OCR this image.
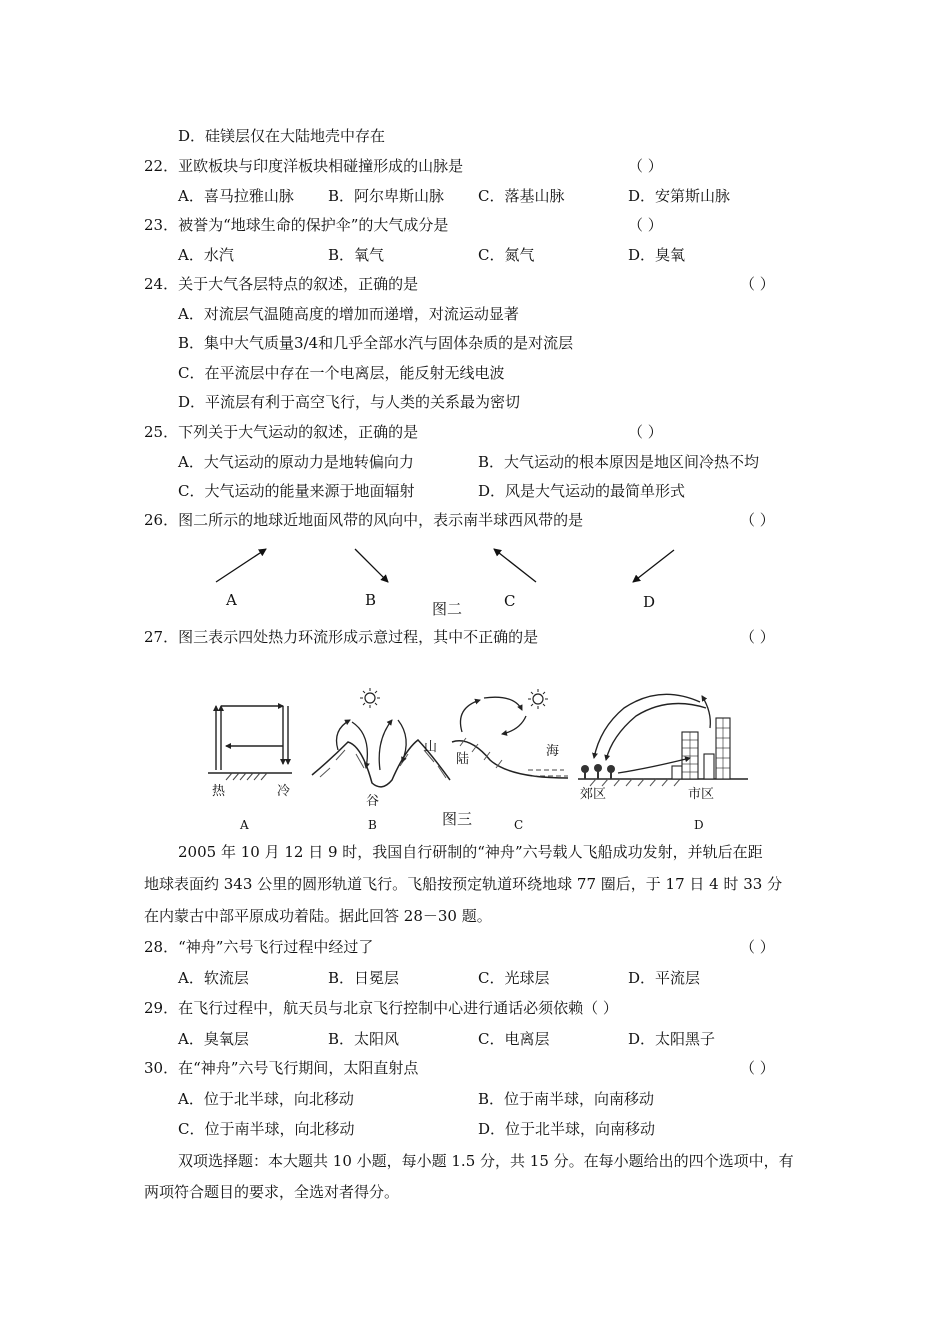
D．硅镁层仅在大陆地壳中存在
22．亚欧板块与印度洋板块相碰撞形成的山脉是	（ ）
A．喜马拉雅山脉 B．阿尔卑斯山脉 C．落基山脉	D．安第斯山脉
23．被誉为“地球生命的保护伞”的大气成分是	（ ）
A．水汽	B．氧气	C．氮气	D．臭氧
24．关于大气各层特点的叙述，正确的是	（ ）
A．对流层气温随高度的增加而递增，对流运动显著
B．集中大气质量3/4和几乎全部水汽与固体杂质的是对流层
C．在平流层中存在一个电离层，能反射无线电波
D．平流层有利于高空飞行，与人类的关系最为密切
25．下列关于大气运动的叙述，正确的是	（ ）
A．大气运动的原动力是地转偏向力	B．大气运动的根本原因是地区间冷热不均
C．大气运动的能量来源于地面辐射	D．风是大气运动的最简单形式
26．图二所示的地球近地面风带的风向中，表示南半球西风带的是	（ ）
A	B	C	D
图二
27．图三表示四处热力环流形成示意过程，其中不正确的是	（ ）
热	冷
山
谷
陆
海
郊区	市区
A	B	C	D
图三
2005 年 10 月 12 日 9 时，我国自行研制的“神舟”六号载人飞船成功发射，并轨后在距
地球表面约 343 公里的圆形轨道飞行。飞船按预定轨道环绕地球 77 圈后，于 17 日 4 时 33 分
在内蒙古中部平原成功着陆。据此回答 28－30 题。
28．“神舟”六号飞行过程中经过了	（ ）
A．软流层	B．日冕层	C．光球层	D．平流层
29．在飞行过程中，航天员与北京飞行控制中心进行通话必须依赖（ ）
A．臭氧层	B．太阳风	C．电离层	D．太阳黑子
30．在“神舟”六号飞行期间，太阳直射点	（ ）
A．位于北半球，向北移动	B．位于南半球，向南移动
C．位于南半球，向北移动	D．位于北半球，向南移动
双项选择题：本大题共 10 小题，每小题 1.5 分，共 15 分。在每小题给出的四个选项中，有
两项符合题目的要求，全选对者得分。
